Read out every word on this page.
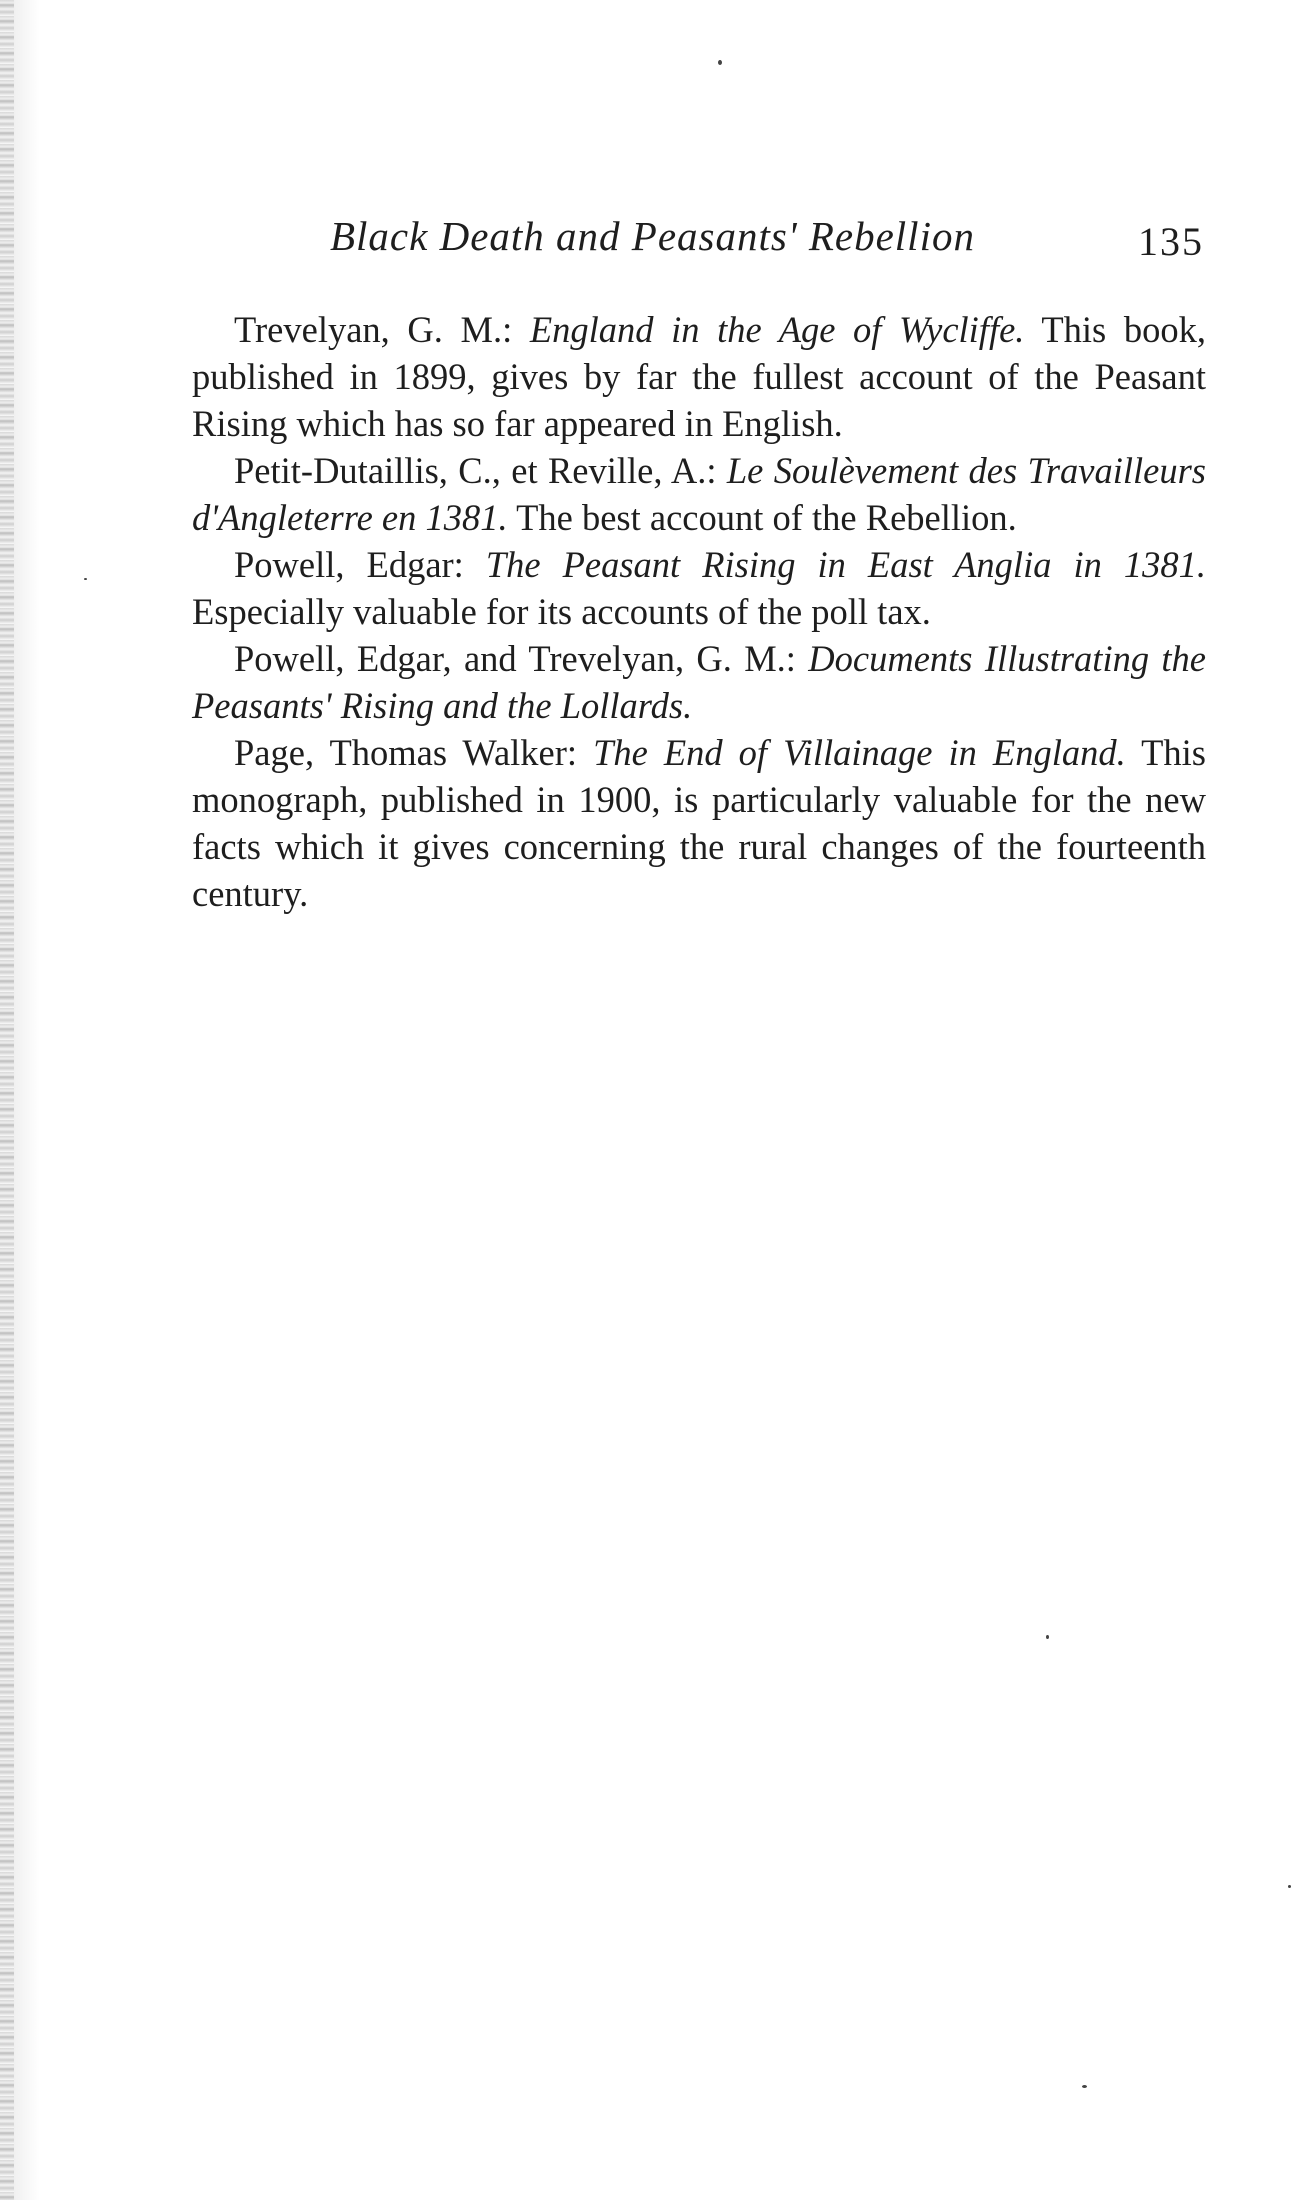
Black Death and Peasants' Rebellion	135

Trevelyan, G. M.: England in the Age of Wycliffe. This book, published in 1899, gives by far the fullest account of the Peasant Rising which has so far appeared in English.

Petit-Dutaillis, C., et Reville, A.: Le Soulèvement des Travailleurs d'Angleterre en 1381. The best account of the Rebellion.

Powell, Edgar: The Peasant Rising in East Anglia in 1381. Especially valuable for its accounts of the poll tax.

Powell, Edgar, and Trevelyan, G. M.: Documents Illustrating the Peasants' Rising and the Lollards.

Page, Thomas Walker: The End of Villainage in England. This monograph, published in 1900, is particularly valuable for the new facts which it gives concerning the rural changes of the fourteenth century.
